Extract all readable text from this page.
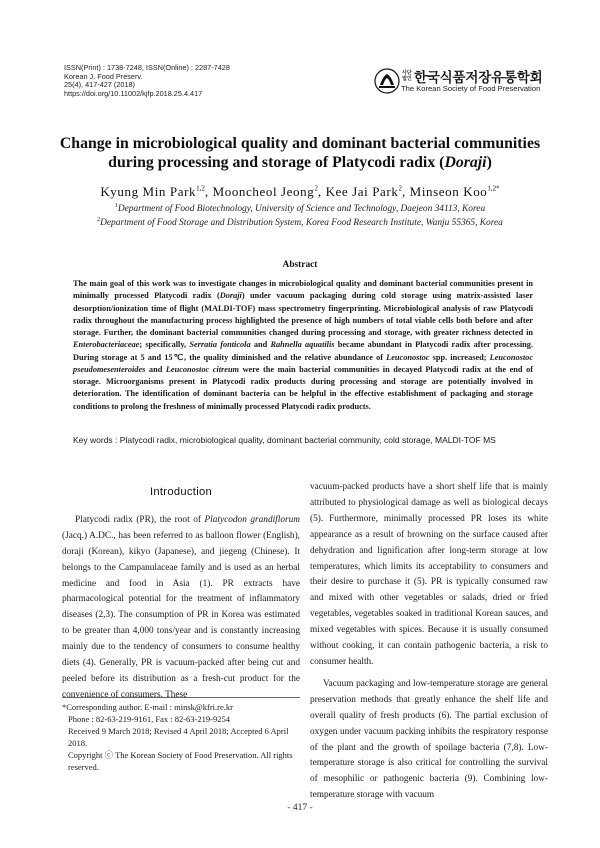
ISSN(Print) : 1738-7248, ISSN(Online) : 2287-7428
Korean J. Food Preserv.
25(4), 417-427 (2018)
https://doi.org/10.11002/kjfp.2018.25.4.417
사단
법인 한국식품저장유통학회
The Korean Society of Food Preservation
Change in microbiological quality and dominant bacterial communities
during processing and storage of Platycodi radix (Doraji)
Kyung Min Park$^{1,2}$, Mooncheol Jeong$^2$, Kee Jai Park$^2$, Minseon Koo$^{1,2*}$
$^1$Department of Food Biotechnology, University of Science and Technology, Daejeon 34113, Korea
$^2$Department of Food Storage and Distribution System, Korea Food Research Institute, Wanju 55365, Korea
Abstract
The main goal of this work was to investigate changes in microbiological quality and dominant bacterial communities present in minimally processed Platycodi radix (Doraji) under vacuum packaging during cold storage using matrix-assisted laser desorption/ionization time of flight (MALDI-TOF) mass spectrometry fingerprinting. Microbiological analysis of raw Platycodi radix throughout the manufacturing process highlighted the presence of high numbers of total viable cells both before and after storage. Further, the dominant bacterial communities changed during processing and storage, with greater richness detected in Enterobacteriaceae; specifically, Serratia fonticola and Rahnella aquatilis became abundant in Platycodi radix after processing. During storage at 5 and 15℃, the quality diminished and the relative abundance of Leuconostoc spp. increased; Leuconostoc pseudomesenteroides and Leuconostoc citreum were the main bacterial communities in decayed Platycodi radix at the end of storage. Microorganisms present in Platycodi radix products during processing and storage are potentially involved in deterioration. The identification of dominant bacteria can be helpful in the effective establishment of packaging and storage conditions to prolong the freshness of minimally processed Platycodi radix products.
Key words : Platycodi radix, microbiological quality, dominant bacterial community, cold storage, MALDI-TOF MS
Introduction

Platycodi radix (PR), the root of Platycodon grandiflorum (Jacq.) A.DC., has been referred to as balloon flower (English), doraji (Korean), kikyo (Japanese), and jiegeng (Chinese). It belongs to the Campanulaceae family and is used as an herbal medicine and food in Asia (1). PR extracts have pharmacological potential for the treatment of inflammatory diseases (2,3). The consumption of PR in Korea was estimated to be greater than 4,000 tons/year and is constantly increasing mainly due to the tendency of consumers to consume healthy diets (4). Generally, PR is vacuum-packed after being cut and peeled before its distribution as a fresh-cut product for the convenience of consumers. These

vacuum-packed products have a short shelf life that is mainly attributed to physiological damage as well as biological decays (5). Furthermore, minimally processed PR loses its white appearance as a result of browning on the surface caused after dehydration and lignification after long-term storage at low temperatures, which limits its acceptability to consumers and their desire to purchase it (5). PR is typically consumed raw and mixed with other vegetables or salads, dried or fried vegetables, vegetables soaked in traditional Korean sauces, and mixed vegetables with spices. Because it is usually consumed without cooking, it can contain pathogenic bacteria, a risk to consumer health.

Vacuum packaging and low-temperature storage are general preservation methods that greatly enhance the shelf life and overall quality of fresh products (6). The partial exclusion of oxygen under vacuum packing inhibits the respiratory response of the plant and the growth of spoilage bacteria (7,8). Low-temperature storage is also critical for controlling the survival of mesophilic or pathogenic bacteria (9). Combining low-temperature storage with vacuum

*Corresponding author. E-mail : minsk@kfri.re.kr

Phone : 82-63-219-9161, Fax : 82-63-219-9254

Received 9 March 2018; Revised 4 April 2018; Accepted 6 April 2018.

Copyright ⓒ The Korean Society of Food Preservation. All rights reserved.

- 417 -
